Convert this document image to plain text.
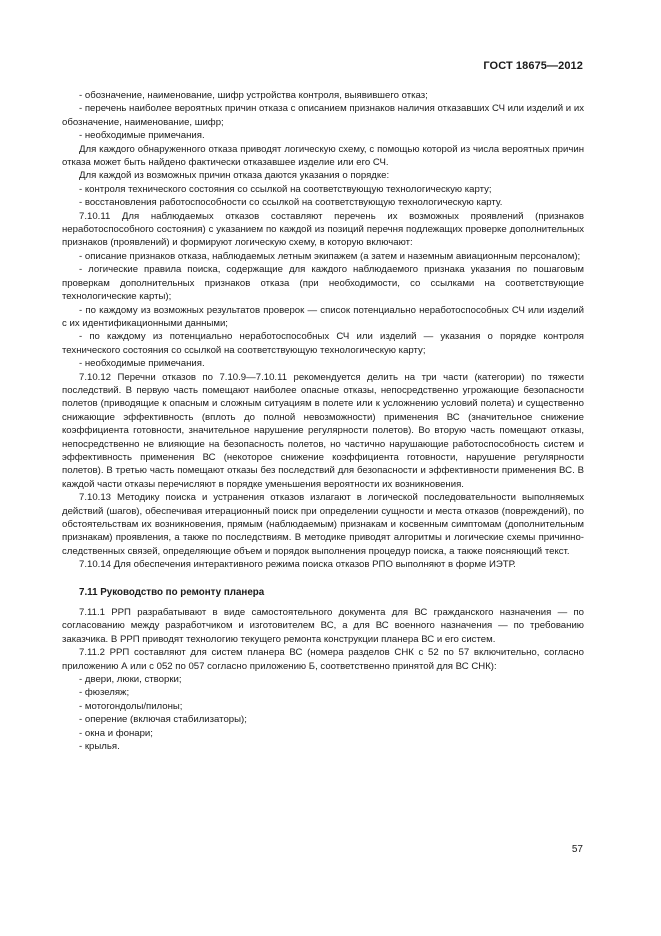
ГОСТ 18675—2012

- обозначение, наименование, шифр устройства контроля, выявившего отказ;

- перечень наиболее вероятных причин отказа с описанием признаков наличия отказавших СЧ или изделий и их обозначение, наименование, шифр;

- необходимые примечания.

Для каждого обнаруженного отказа приводят логическую схему, с помощью которой из числа вероятных причин отказа может быть найдено фактически отказавшее изделие или его СЧ.

Для каждой из возможных причин отказа даются указания о порядке:

- контроля технического состояния со ссылкой на соответствующую технологическую карту;

- восстановления работоспособности со ссылкой на соответствующую технологическую карту.

7.10.11 Для наблюдаемых отказов составляют перечень их возможных проявлений (признаков неработоспособного состояния) с указанием по каждой из позиций перечня подлежащих проверке дополнительных признаков (проявлений) и формируют логическую схему, в которую включают:

- описание признаков отказа, наблюдаемых летным экипажем (а затем и наземным авиационным персоналом);

- логические правила поиска, содержащие для каждого наблюдаемого признака указания по пошаговым проверкам дополнительных признаков отказа (при необходимости, со ссылками на соответствующие технологические карты);

- по каждому из возможных результатов проверок — список потенциально неработоспособных СЧ или изделий с их идентификационными данными;

- по каждому из потенциально неработоспособных СЧ или изделий — указания о порядке контроля технического состояния со ссылкой на соответствующую технологическую карту;

- необходимые примечания.

7.10.12 Перечни отказов по 7.10.9—7.10.11 рекомендуется делить на три части (категории) по тяжести последствий. В первую часть помещают наиболее опасные отказы, непосредственно угрожающие безопасности полетов (приводящие к опасным и сложным ситуациям в полете или к усложнению условий полета) и существенно снижающие эффективность (вплоть до полной невозможности) применения ВС (значительное снижение коэффициента готовности, значительное нарушение регулярности полетов). Во вторую часть помещают отказы, непосредственно не влияющие на безопасность полетов, но частично нарушающие работоспособность систем и эффективность применения ВС (некоторое снижение коэффициента готовности, нарушение регулярности полетов). В третью часть помещают отказы без последствий для безопасности и эффективности применения ВС. В каждой части отказы перечисляют в порядке уменьшения вероятности их возникновения.

7.10.13 Методику поиска и устранения отказов излагают в логической последовательности выполняемых действий (шагов), обеспечивая итерационный поиск при определении сущности и места отказов (повреждений), по обстоятельствам их возникновения, прямым (наблюдаемым) признакам и косвенным симптомам (дополнительным признакам) проявления, а также по последствиям. В методике приводят алгоритмы и логические схемы причинно-следственных связей, определяющие объем и порядок выполнения процедур поиска, а также поясняющий текст.

7.10.14 Для обеспечения интерактивного режима поиска отказов РПО выполняют в форме ИЭТР.

7.11 Руководство по ремонту планера

7.11.1 РРП разрабатывают в виде самостоятельного документа для ВС гражданского назначения — по согласованию между разработчиком и изготовителем ВС, а для ВС военного назначения — по требованию заказчика. В РРП приводят технологию текущего ремонта конструкции планера ВС и его систем.

7.11.2 РРП составляют для систем планера ВС (номера разделов СНК с 52 по 57 включительно, согласно приложению А или с 052 по 057 согласно приложению Б, соответственно принятой для ВС СНК):

- двери, люки, створки;

- фюзеляж;

- мотогондолы/пилоны;

- оперение (включая стабилизаторы);

- окна и фонари;

- крылья.

57
